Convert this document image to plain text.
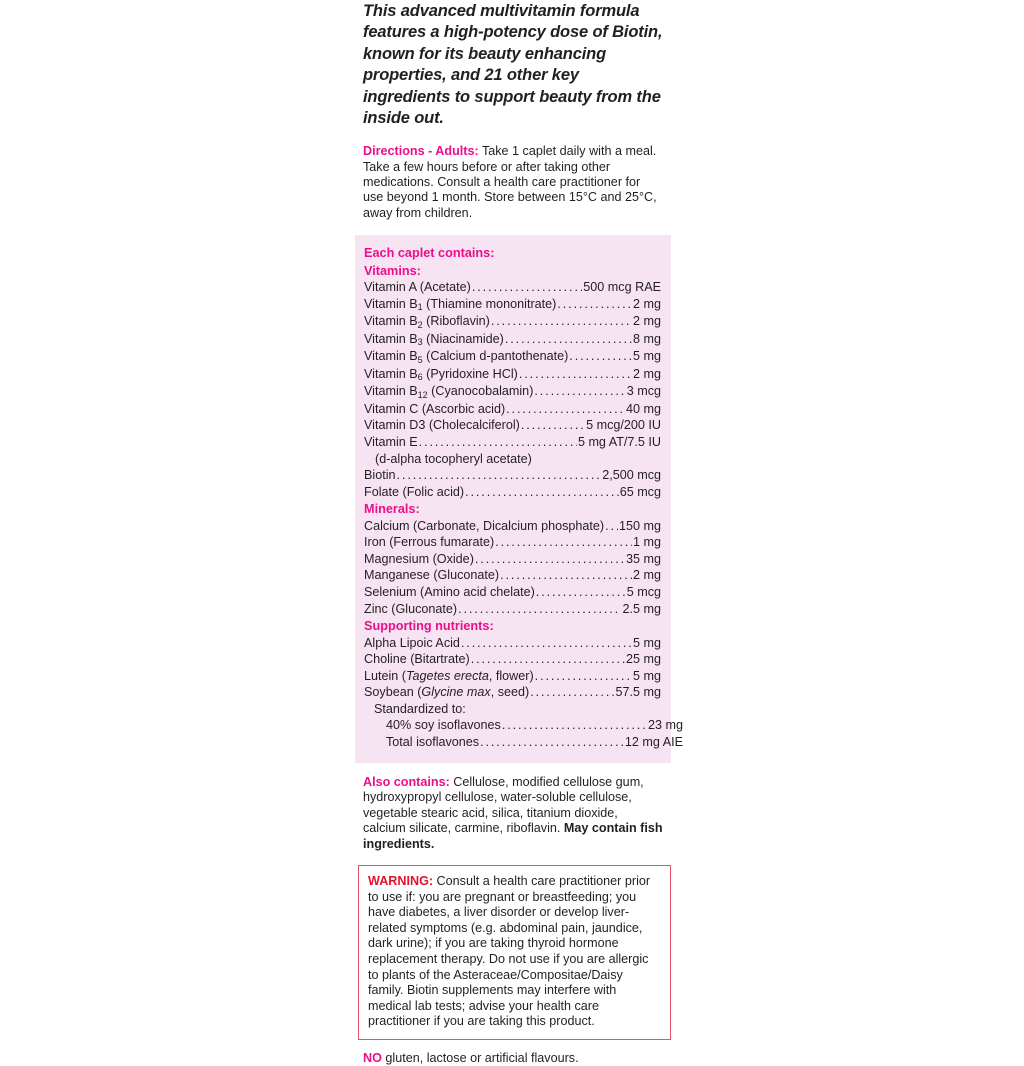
This advanced multivitamin formula features a high-potency dose of Biotin, known for its beauty enhancing properties, and 21 other key ingredients to support beauty from the inside out.
Directions - Adults: Take 1 caplet daily with a meal. Take a few hours before or after taking other medications. Consult a health care practitioner for use beyond 1 month. Store between 15°C and 25°C, away from children.
Each caplet contains:
Vitamins:
Vitamin A (Acetate) .....	500 mcg RAE
Vitamin $B_1$ (Thiamine mononitrate) .....	2 mg
Vitamin $B_2$ (Riboflavin) .....	2 mg
Vitamin $B_3$ (Niacinamide) .....	8 mg
Vitamin $B_5$ (Calcium d-pantothenate) .....	5 mg
Vitamin $B_6$ (Pyridoxine HCl) .....	2 mg
Vitamin $B_{12}$ (Cyanocobalamin) .....	3 mcg
Vitamin C (Ascorbic acid) .....	40 mg
Vitamin D3 (Cholecalciferol) .....	5 mcg/200 IU
Vitamin E .....	5 mg AT/7.5 IU
(d-alpha tocopheryl acetate)
Biotin .....	2,500 mcg
Folate (Folic acid) .....	65 mcg
Minerals:
Calcium (Carbonate, Dicalcium phosphate) ..... 150 mg
Iron (Ferrous fumarate) .....	1 mg
Magnesium (Oxide) .....	35 mg
Manganese (Gluconate) .....	2 mg
Selenium (Amino acid chelate) .....	5 mcg
Zinc (Gluconate) .....	2.5 mg
Supporting nutrients:
Alpha Lipoic Acid .....	5 mg
Choline (Bitartrate) .....	25 mg
Lutein (Tagetes erecta, flower) .....	5 mg
Soybean (Glycine max, seed) .....	57.5 mg
Standardized to:
40% soy isoflavones .....	23 mg
Total isoflavones .....	12 mg AIE
Also contains: Cellulose, modified cellulose gum, hydroxypropyl cellulose, water-soluble cellulose, vegetable stearic acid, silica, titanium dioxide, calcium silicate, carmine, riboflavin. May contain fish ingredients.
WARNING: Consult a health care practitioner prior to use if: you are pregnant or breastfeeding; you have diabetes, a liver disorder or develop liver-related symptoms (e.g. abdominal pain, jaundice, dark urine); if you are taking thyroid hormone replacement therapy. Do not use if you are allergic to plants of the Asteraceae/Compositae/Daisy family. Biotin supplements may interfere with medical lab tests; advise your health care practitioner if you are taking this product.
NO gluten, lactose or artificial flavours.
